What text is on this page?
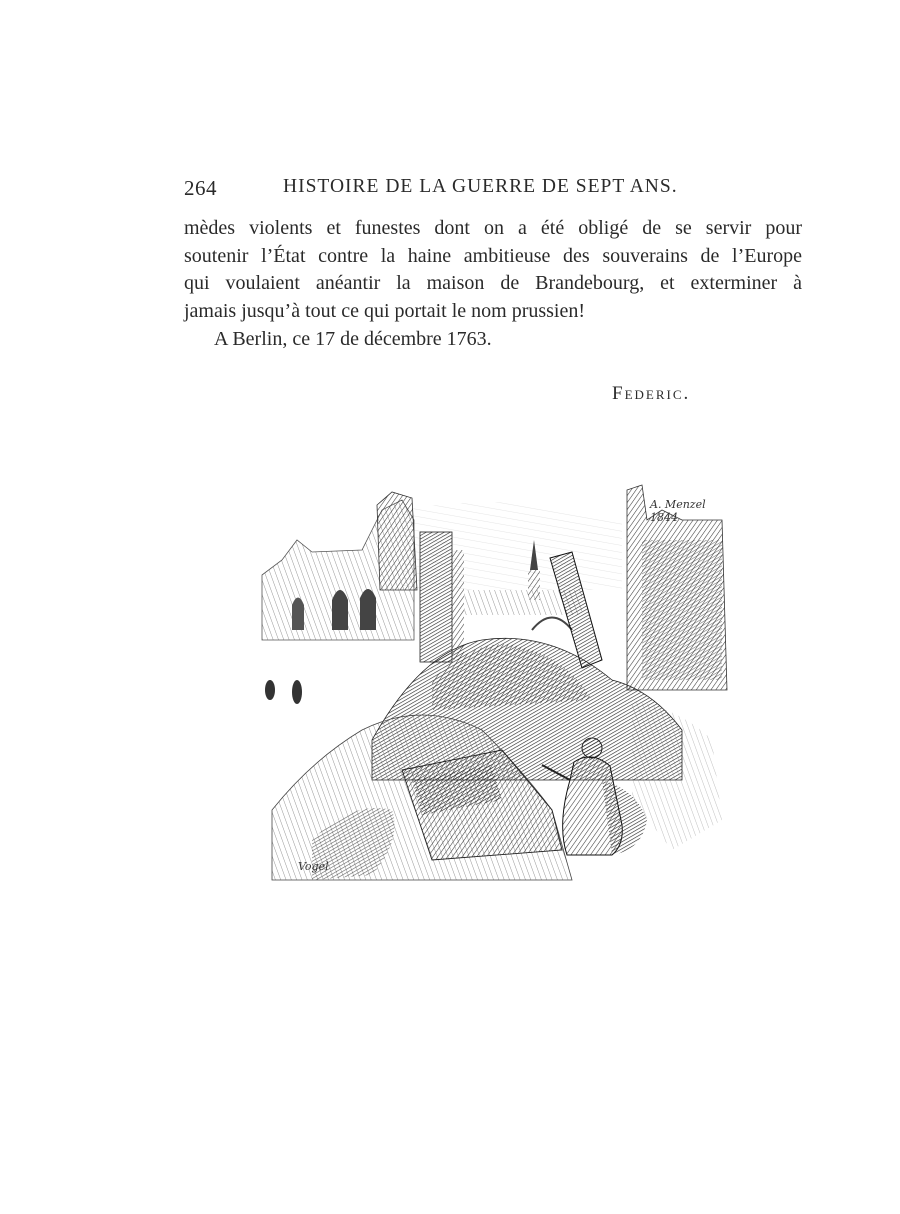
264	HISTOIRE DE LA GUERRE DE SEPT ANS.
mèdes violents et funestes dont on a été obligé de se servir pour
soutenir l’État contre la haine ambitieuse des souverains de l’Europe
qui voulaient anéantir la maison de Brandebourg, et exterminer à
jamais jusqu’à tout ce qui portait le nom prussien!
A Berlin, ce 17 de décembre 1763.
Federic.
A. Menzel 1844
Vogel
